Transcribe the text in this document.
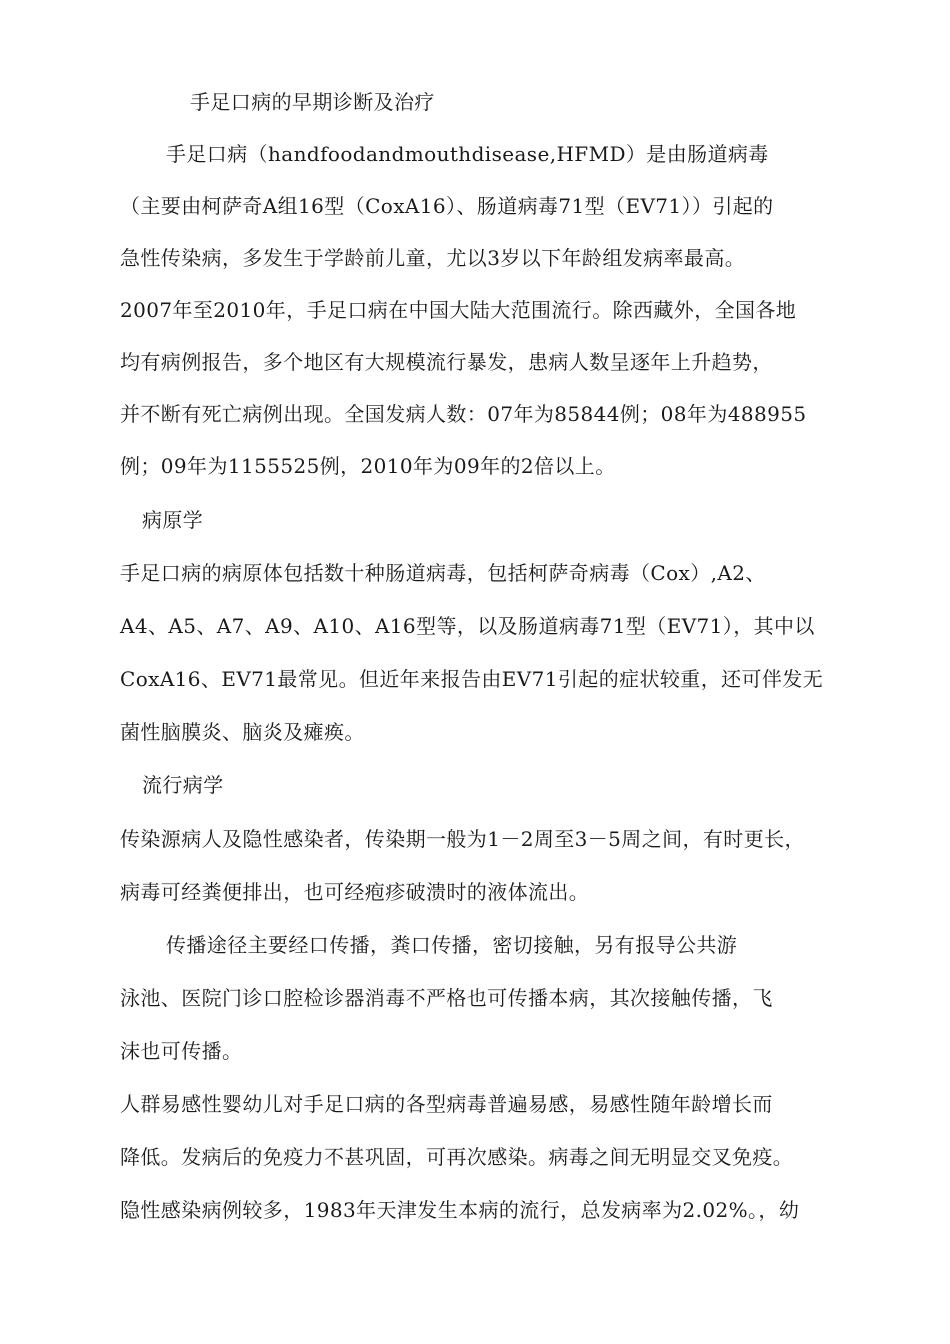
手足口病的早期诊断及治疗
手足口病（handfoodandmouthdisease,HFMD）是由肠道病毒
（主要由柯萨奇A组16型（CoxA16）、肠道病毒71型（EV71））引起的
急性传染病，多发生于学龄前儿童，尤以3岁以下年龄组发病率最高。
2007年至2010年，手足口病在中国大陆大范围流行。除西藏外，全国各地
均有病例报告，多个地区有大规模流行暴发，患病人数呈逐年上升趋势，
并不断有死亡病例出现。全国发病人数：07年为85844例；08年为488955
例；09年为1155525例，2010年为09年的2倍以上。
病原学
手足口病的病原体包括数十种肠道病毒，包括柯萨奇病毒（Cox）,A2、
A4、A5、A7、A9、A10、A16型等，以及肠道病毒71型（EV71），其中以
CoxA16、EV71最常见。但近年来报告由EV71引起的症状较重，还可伴发无
菌性脑膜炎、脑炎及瘫痪。
流行病学
传染源病人及隐性感染者，传染期一般为1－2周至3－5周之间，有时更长，
病毒可经粪便排出，也可经疱疹破溃时的液体流出。
传播途径主要经口传播，粪口传播，密切接触，另有报导公共游
泳池、医院门诊口腔检诊器消毒不严格也可传播本病，其次接触传播，飞
沫也可传播。
人群易感性婴幼儿对手足口病的各型病毒普遍易感，易感性随年龄增长而
降低。发病后的免疫力不甚巩固，可再次感染。病毒之间无明显交叉免疫。
隐性感染病例较多，1983年天津发生本病的流行，总发病率为2.02%。，幼
